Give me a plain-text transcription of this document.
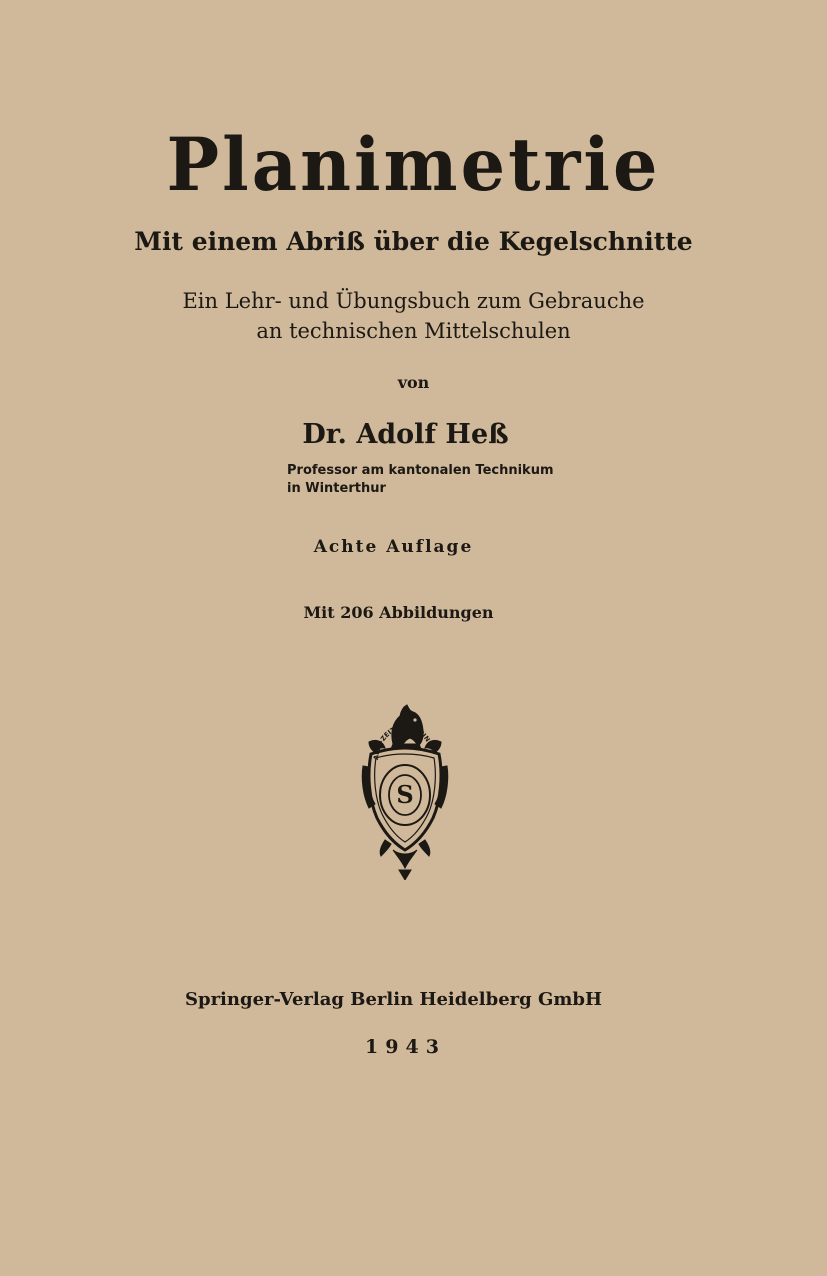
Planimetrie
Mit einem Abriß über die Kegelschnitte
Ein Lehr- und Übungsbuch zum Gebrauche
an technischen Mittelschulen
von
Dr. Adolf Heß
Professor am kantonalen Technikum
in Winterthur
Achte Auflage
Mit 206 Abbildungen
ALTE·ZEIT·1842·JUNG·
S
Springer-Verlag Berlin Heidelberg GmbH
1943
